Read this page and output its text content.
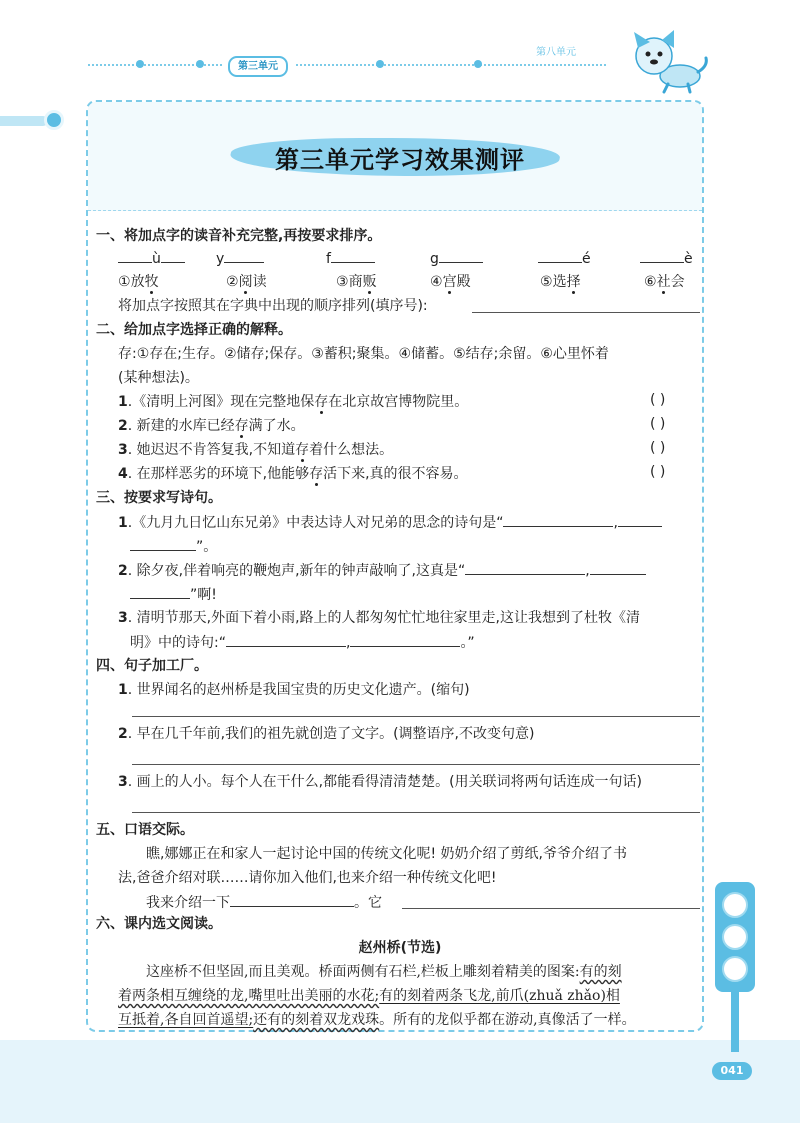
第三单元
第八单元
041
第三单元学习效果测评
一、将加点字的读音补充完整,再按要求排序。
ù	y	f	g	é	è
①放牧	②阅读	③商贩	④宫殿	⑤选择	⑥社会
将加点字按照其在字典中出现的顺序排列(填序号):
二、给加点字选择正确的解释。
存:①存在;生存。②储存;保存。③蓄积;聚集。④储蓄。⑤结存;余留。⑥心里怀着
(某种想法)。
1.《清明上河图》现在完整地保存在北京故宫博物院里。	( )
2. 新建的水库已经存满了水。	( )
3. 她迟迟不肯答复我,不知道存着什么想法。	( )
4. 在那样恶劣的环境下,他能够存活下来,真的很不容易。	( )
三、按要求写诗句。
1.《九月九日忆山东兄弟》中表达诗人对兄弟的思念的诗句是“	,
”。
2. 除夕夜,伴着响亮的鞭炮声,新年的钟声敲响了,这真是“	,
”啊!
3. 清明节那天,外面下着小雨,路上的人都匆匆忙忙地往家里走,这让我想到了杜牧《清
明》中的诗句:“	,	。”
四、句子加工厂。
1. 世界闻名的赵州桥是我国宝贵的历史文化遗产。(缩句)
2. 早在几千年前,我们的祖先就创造了文字。(调整语序,不改变句意)
3. 画上的人小。每个人在干什么,都能看得清清楚楚。(用关联词将两句话连成一句话)
五、口语交际。
瞧,娜娜正在和家人一起讨论中国的传统文化呢! 奶奶介绍了剪纸,爷爷介绍了书
法,爸爸介绍对联……请你加入他们,也来介绍一种传统文化吧!
我来介绍一下	。它
六、课内选文阅读。
赵州桥(节选)
这座桥不但坚固,而且美观。桥面两侧有石栏,栏板上雕刻着精美的图案:有的刻
着两条相互缠绕的龙,嘴里吐出美丽的水花;有的刻着两条飞龙,前爪(zhuǎ zhǎo)相
互抵着,各自回首遥望;还有的刻着双龙戏珠。所有的龙似乎都在游动,真像活了一样。
